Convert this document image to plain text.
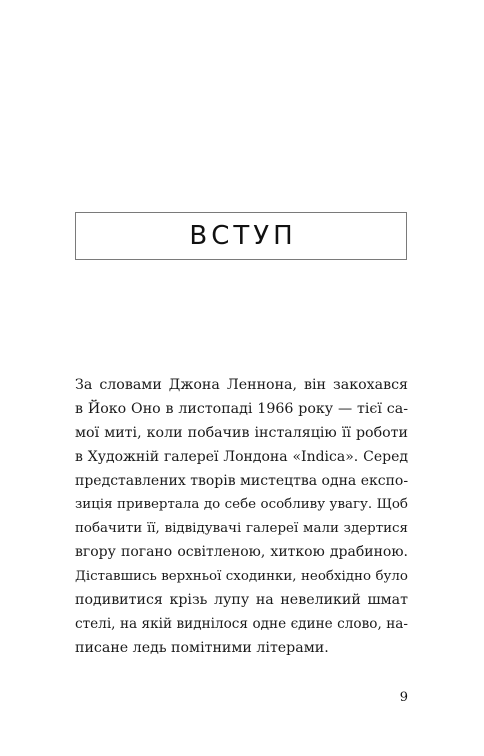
ВСТУП
За словами Джона Леннона, він закохався
в Йоко Оно в листопаді 1966 року — тієї са-
мої миті, коли побачив інсталяцію її роботи
в Художній галереї Лондона «Indica». Серед
представлених творів мистецтва одна експо-
зиція привертала до себе особливу увагу. Щоб
побачити її, відвідувачі галереї мали здертися
вгору погано освітленою, хиткою драбиною.
Діставшись верхньої сходинки, необхідно було
подивитися крізь лупу на невеликий шмат
стелі, на якій виднілося одне єдине слово, на-
писане ледь помітними літерами.
9
